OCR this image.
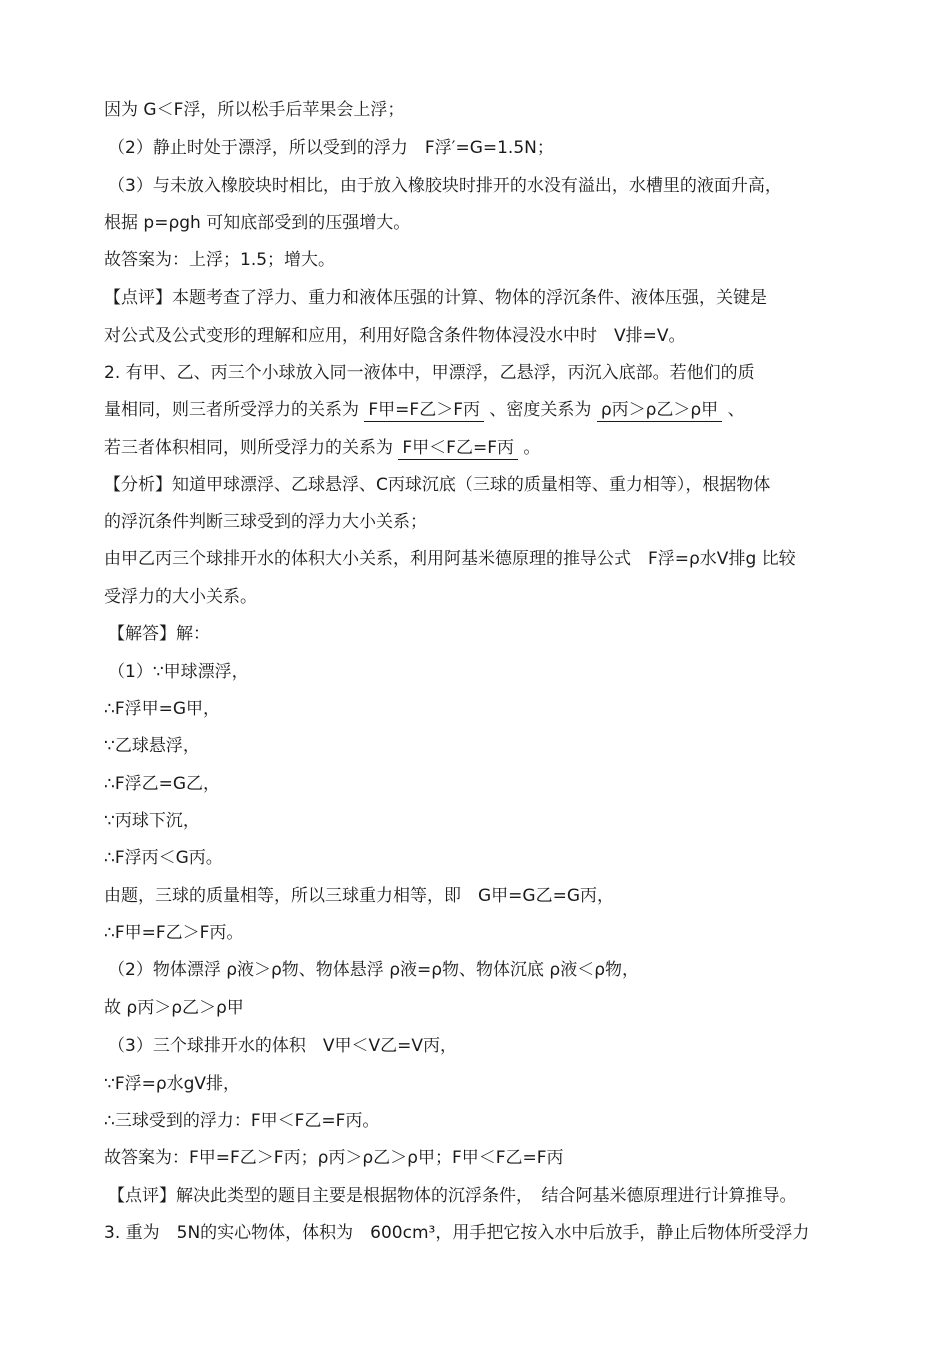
因为 G＜F浮，所以松手后苹果会上浮；
（2）静止时处于漂浮，所以受到的浮力　F浮′=G=1.5N；
（3）与未放入橡胶块时相比，由于放入橡胶块时排开的水没有溢出，水槽里的液面升高，
根据 p=ρgh 可知底部受到的压强增大。
故答案为：上浮；1.5；增大。
【点评】本题考查了浮力、重力和液体压强的计算、物体的浮沉条件、液体压强，关键是
对公式及公式变形的理解和应用，利用好隐含条件物体浸没水中时　V排=V。
2. 有甲、乙、丙三个小球放入同一液体中，甲漂浮，乙悬浮，丙沉入底部。若他们的质
量相同，则三者所受浮力的关系为 F甲=F乙＞F丙 、密度关系为 ρ丙＞ρ乙＞ρ甲 、
若三者体积相同，则所受浮力的关系为 F甲＜F乙=F丙 。
【分析】知道甲球漂浮、乙球悬浮、C丙球沉底（三球的质量相等、重力相等），根据物体
的浮沉条件判断三球受到的浮力大小关系；
由甲乙丙三个球排开水的体积大小关系，利用阿基米德原理的推导公式　F浮=ρ水V排g 比较
受浮力的大小关系。
【解答】解：
（1）∵甲球漂浮，
∴F浮甲=G甲，
∵乙球悬浮，
∴F浮乙=G乙，
∵丙球下沉，
∴F浮丙＜G丙。
由题，三球的质量相等，所以三球重力相等，即　G甲=G乙=G丙，
∴F甲=F乙＞F丙。
（2）物体漂浮 ρ液＞ρ物、物体悬浮 ρ液=ρ物、物体沉底 ρ液＜ρ物，
故 ρ丙＞ρ乙＞ρ甲
（3）三个球排开水的体积　V甲＜V乙=V丙，
∵F浮=ρ水gV排，
∴三球受到的浮力：F甲＜F乙=F丙。
故答案为：F甲=F乙＞F丙；ρ丙＞ρ乙＞ρ甲；F甲＜F乙=F丙
【点评】解决此类型的题目主要是根据物体的沉浮条件，　结合阿基米德原理进行计算推导。
3. 重为　5N的实心物体，体积为　600cm³，用手把它按入水中后放手，静止后物体所受浮力
